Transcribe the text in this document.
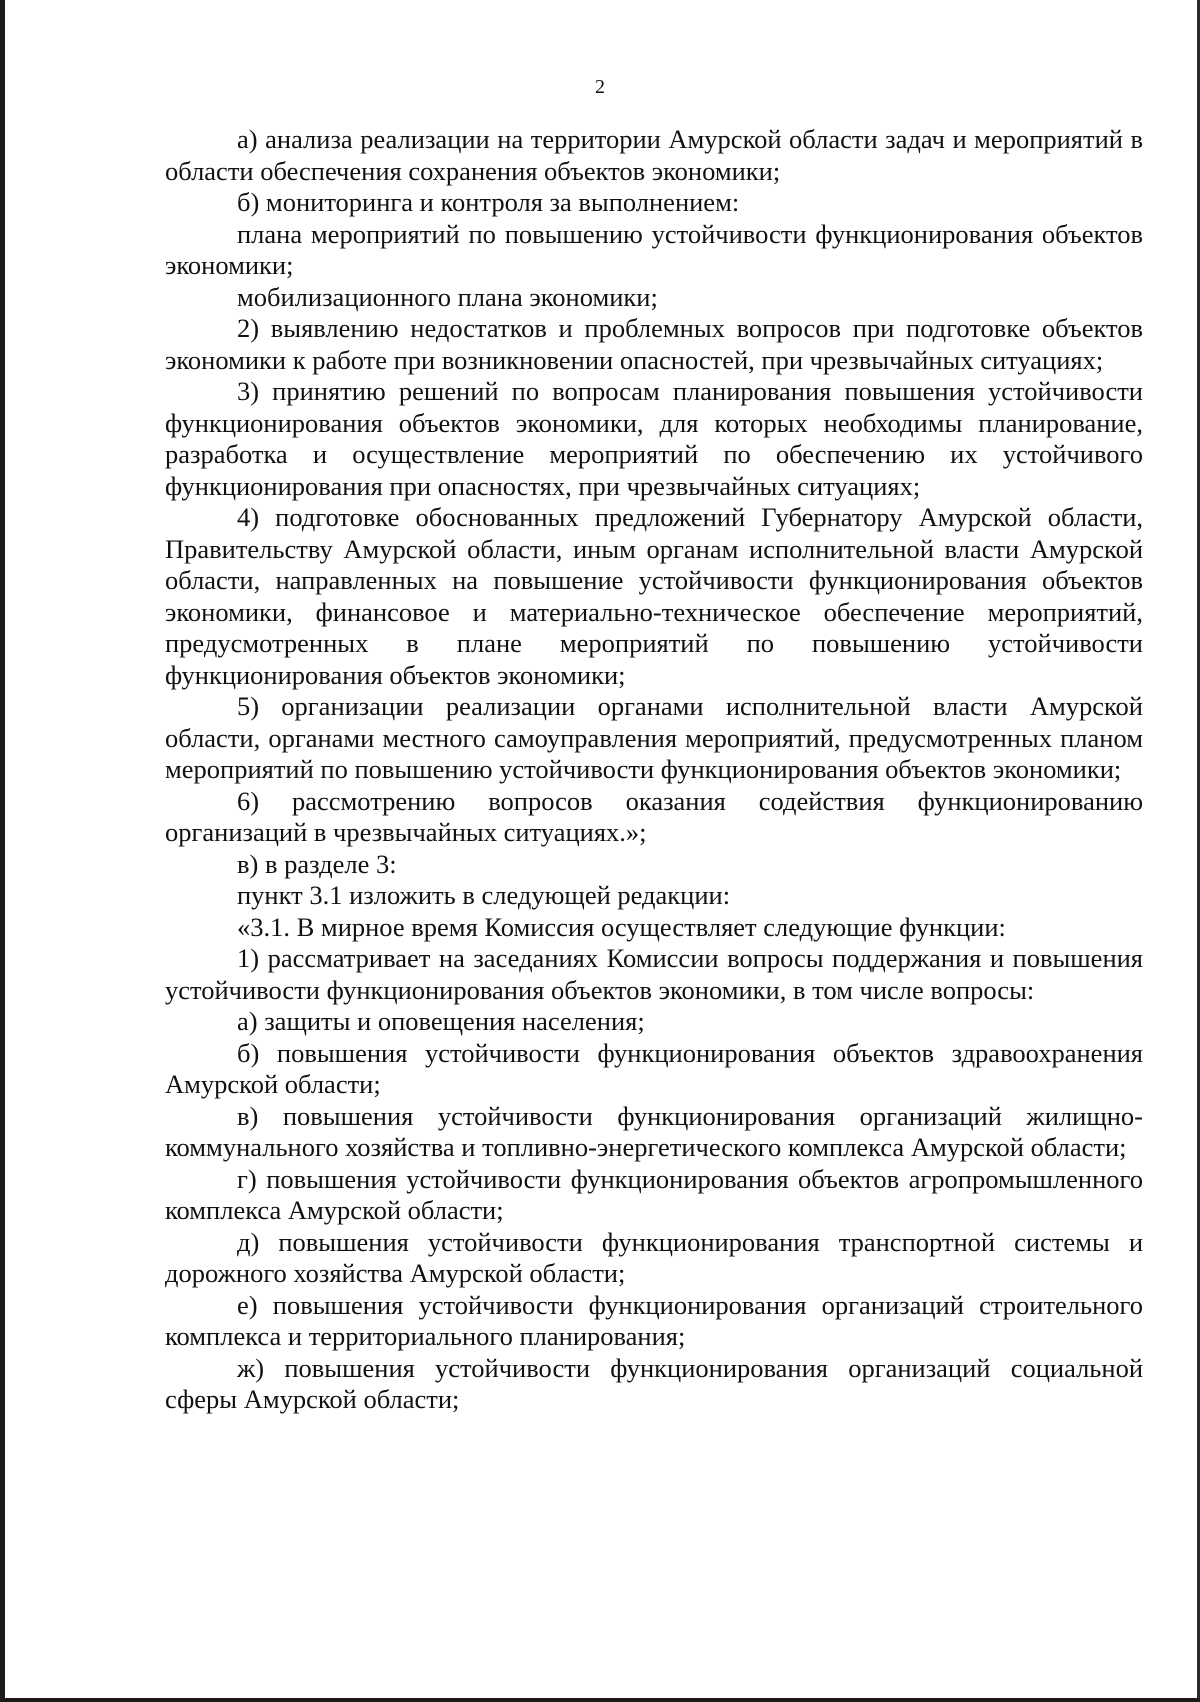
2

а) анализа реализации на территории Амурской области задач и мероприятий в области обеспечения сохранения объектов экономики;

б) мониторинга и контроля за выполнением:

плана мероприятий по повышению устойчивости функционирования объектов экономики;

мобилизационного плана экономики;

2) выявлению недостатков и проблемных вопросов при подготовке объектов экономики к работе при возникновении опасностей, при чрезвычайных ситуациях;

3) принятию решений по вопросам планирования повышения устойчивости функционирования объектов экономики, для которых необходимы планирование, разработка и осуществление мероприятий по обеспечению их устойчивого функционирования при опасностях, при чрезвычайных ситуациях;

4) подготовке обоснованных предложений Губернатору Амурской области, Правительству Амурской области, иным органам исполнительной власти Амурской области, направленных на повышение устойчивости функционирования объектов экономики, финансовое и материально-техническое обеспечение мероприятий, предусмотренных в плане мероприятий по повышению устойчивости функционирования объектов экономики;

5) организации реализации органами исполнительной власти Амурской области, органами местного самоуправления мероприятий, предусмотренных планом мероприятий по повышению устойчивости функционирования объектов экономики;

6) рассмотрению вопросов оказания содействия функционированию организаций в чрезвычайных ситуациях.»;

в) в разделе 3:

пункт 3.1 изложить в следующей редакции:

«3.1. В мирное время Комиссия осуществляет следующие функции:

1) рассматривает на заседаниях Комиссии вопросы поддержания и повышения устойчивости функционирования объектов экономики, в том числе вопросы:

а) защиты и оповещения населения;

б) повышения устойчивости функционирования объектов здравоохранения Амурской области;

в) повышения устойчивости функционирования организаций жилищно-коммунального хозяйства и топливно-энергетического комплекса Амурской области;

г) повышения устойчивости функционирования объектов агропромышленного комплекса Амурской области;

д) повышения устойчивости функционирования транспортной системы и дорожного хозяйства Амурской области;

е) повышения устойчивости функционирования организаций строительного комплекса и территориального планирования;

ж) повышения устойчивости функционирования организаций социальной сферы Амурской области;
